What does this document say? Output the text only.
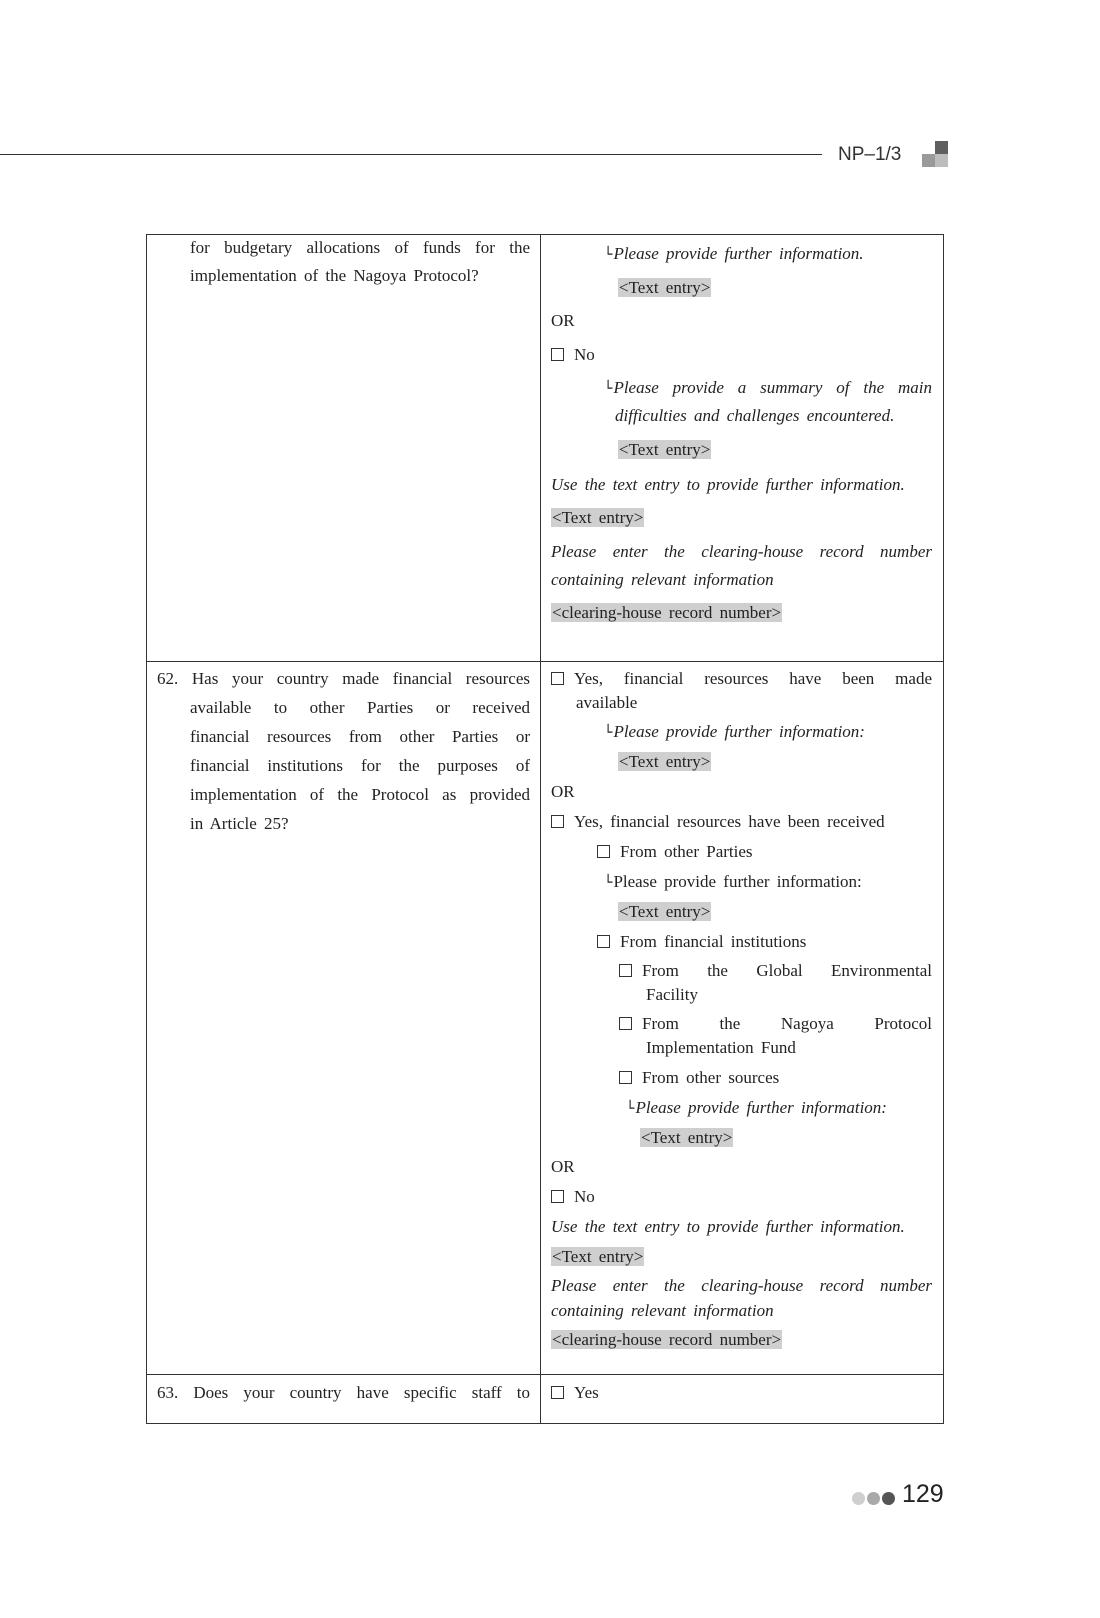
NP–1/3
for budgetary allocations of funds for the
implementation of the Nagoya Protocol?
└Please provide further information.
<Text entry>
OR
No
└Please provide a summary of the main
difficulties and challenges encountered.
<Text entry>
Use the text entry to provide further information.
<Text entry>
Please enter the clearing-house record number
containing relevant information
<clearing-house record number>
62. Has your country made financial resources
available to other Parties or received
financial resources from other Parties or
financial institutions for the purposes of
implementation of the Protocol as provided
in Article 25?
Yes, financial resources have been made
available
└Please provide further information:
<Text entry>
OR
Yes, financial resources have been received
From other Parties
└Please provide further information:
<Text entry>
From financial institutions
From the Global Environmental
Facility
From the Nagoya Protocol
Implementation Fund
From other sources
└Please provide further information:
<Text entry>
OR
No
Use the text entry to provide further information.
<Text entry>
Please enter the clearing-house record number
containing relevant information
<clearing-house record number>
63. Does your country have specific staff to	Yes
129
